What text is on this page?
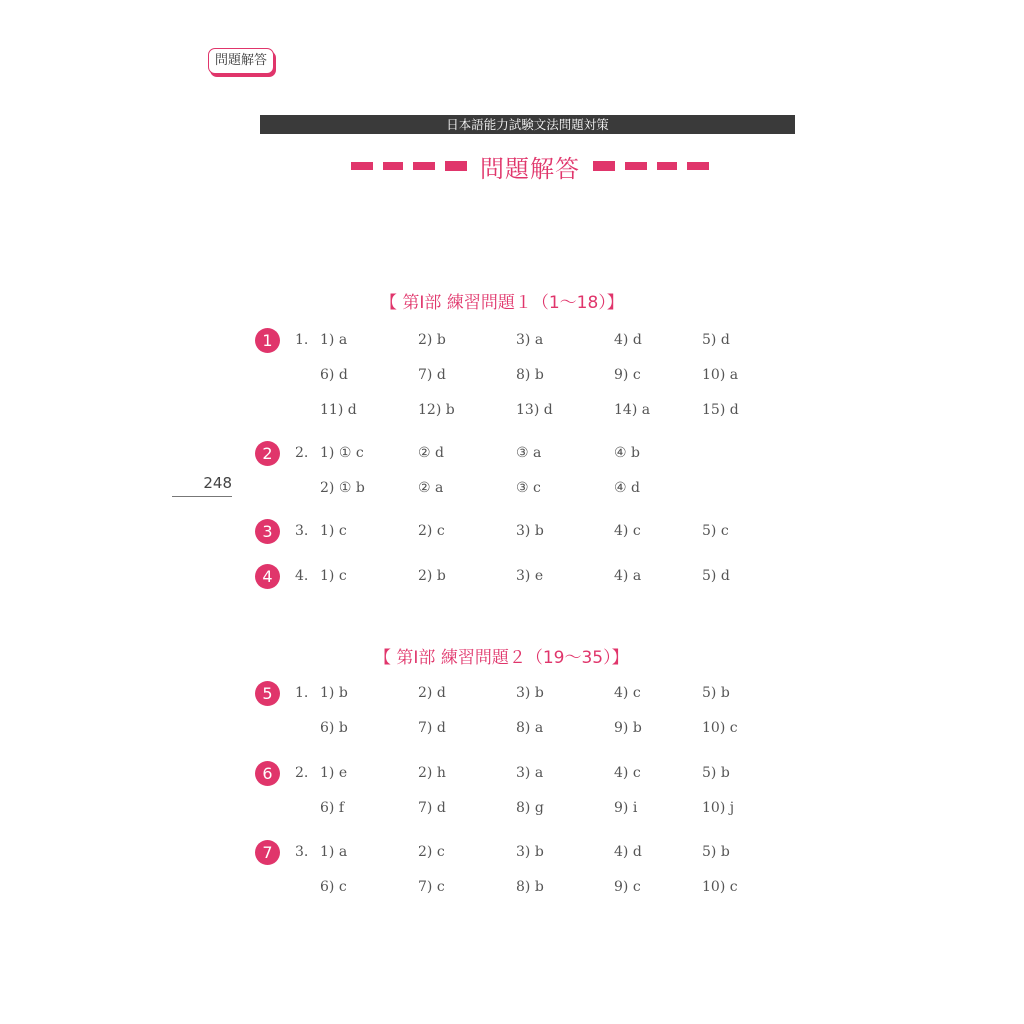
問題解答
日本語能力試験文法問題対策
問題解答
248
【 第Ⅰ部 練習問題１（1～18）】
1	1. 1) a	2) b	3) a	4) d	5) d
6) d	7) d	8) b	9) c	10) a
11) d	12) b	13) d	14) a	15) d
2	2. 1) ① c	② d	③ a	④ b
2) ① b	② a	③ c	④ d
3	3. 1) c	2) c	3) b	4) c	5) c
4	4. 1) c	2) b	3) e	4) a	5) d
【 第Ⅰ部 練習問題２（19～35）】
5	1. 1) b	2) d	3) b	4) c	5) b
6) b	7) d	8) a	9) b	10) c
6	2. 1) e	2) h	3) a	4) c	5) b
6) f	7) d	8) g	9) i	10) j
7	3. 1) a	2) c	3) b	4) d	5) b
6) c	7) c	8) b	9) c	10) c
